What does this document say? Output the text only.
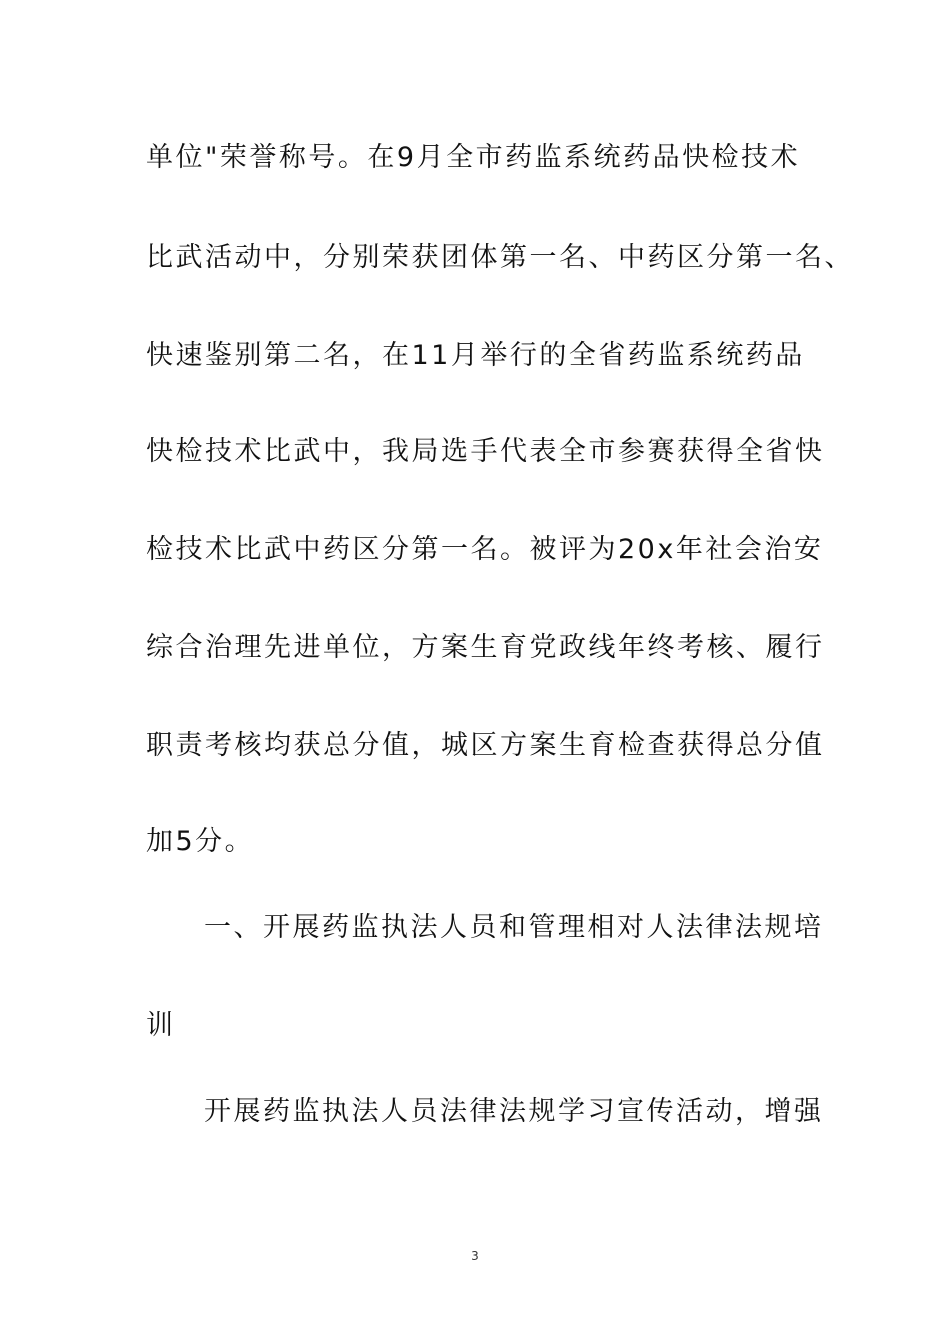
单位"荣誉称号。在9月全市药监系统药品快检技术
比武活动中，分别荣获团体第一名、中药区分第一名、
快速鉴别第二名，在11月举行的全省药监系统药品
快检技术比武中，我局选手代表全市参赛获得全省快
检技术比武中药区分第一名。被评为20x年社会治安
综合治理先进单位，方案生育党政线年终考核、履行
职责考核均获总分值，城区方案生育检查获得总分值
加5分。
一、开展药监执法人员和管理相对人法律法规培
训
开展药监执法人员法律法规学习宣传活动，增强
3
